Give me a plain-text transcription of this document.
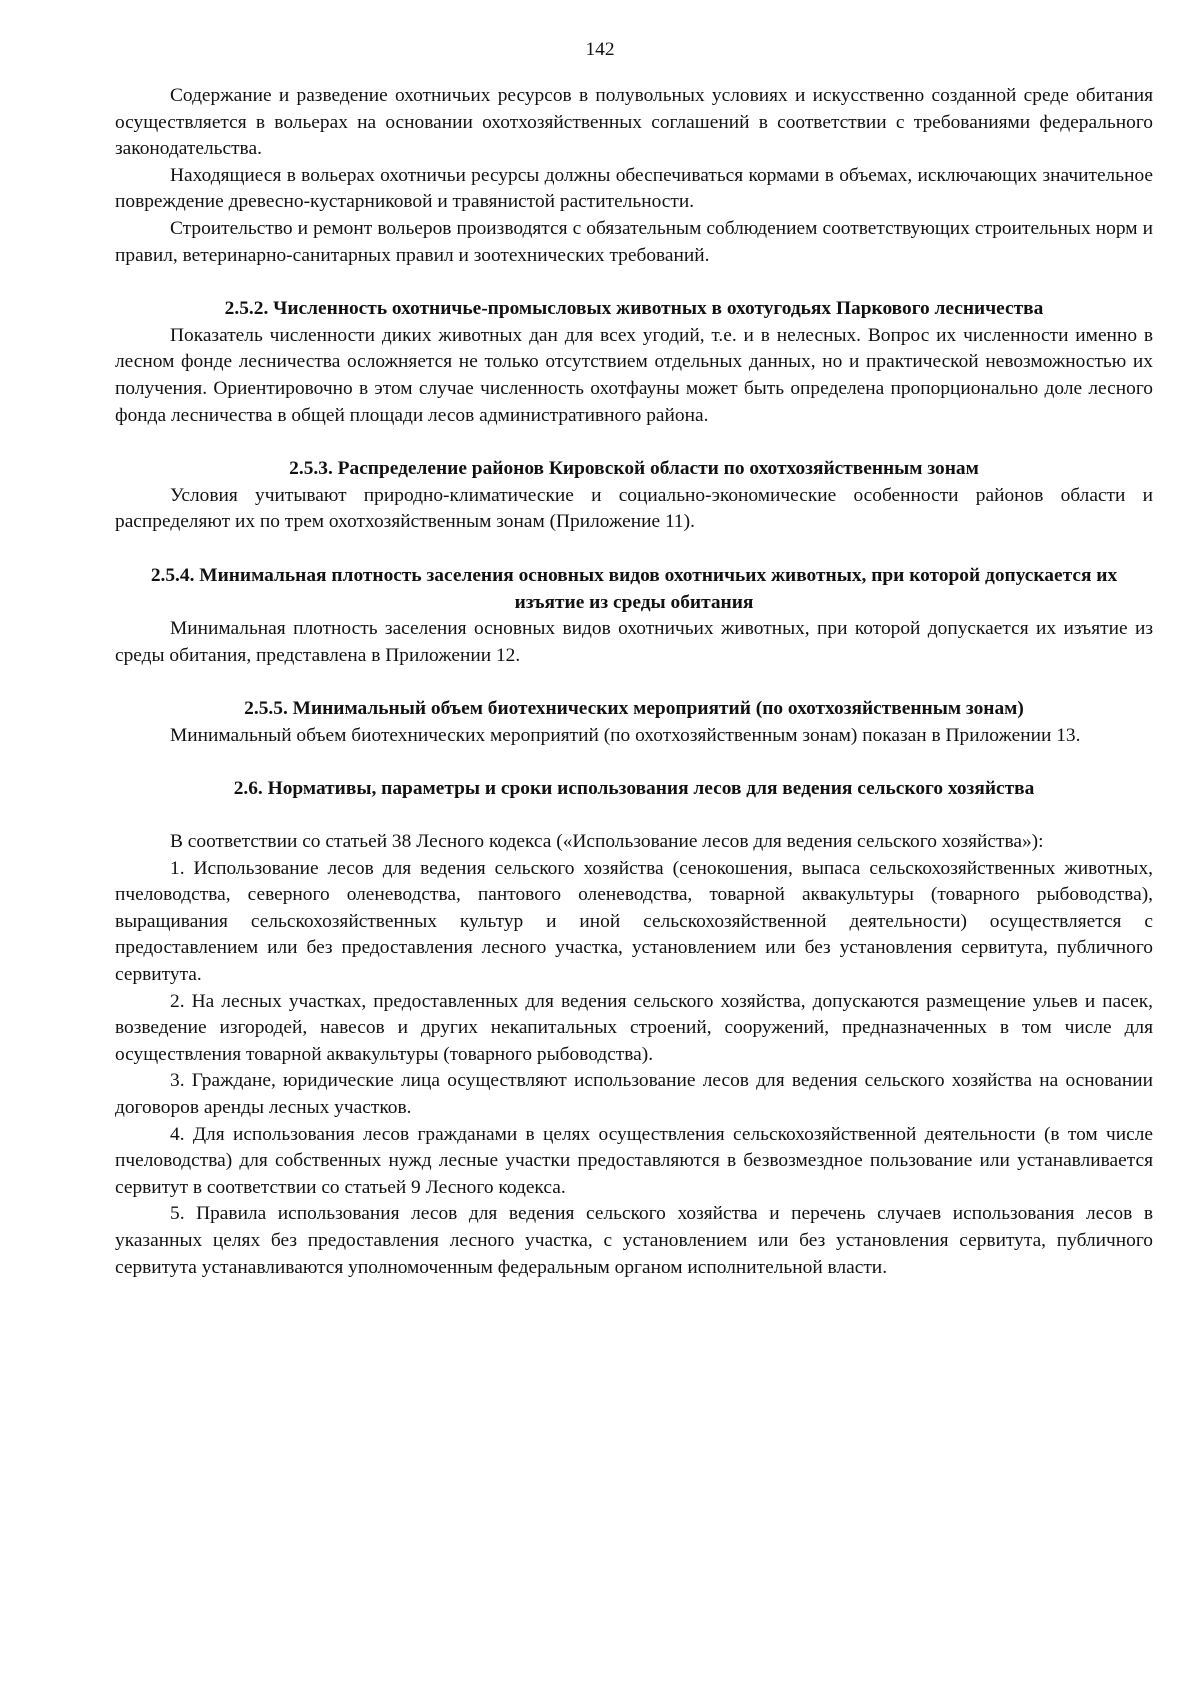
142

Содержание и разведение охотничьих ресурсов в полувольных условиях и искусственно созданной среде обитания осуществляется в вольерах на основании охотхозяйственных соглашений в соответствии с требованиями федерального законодательства.

Находящиеся в вольерах охотничьи ресурсы должны обеспечиваться кормами в объемах, исключающих значительное повреждение древесно-кустарниковой и травянистой растительности.

Строительство и ремонт вольеров производятся с обязательным соблюдением соответствующих строительных норм и правил, ветеринарно-санитарных правил и зоотехнических требований.

2.5.2. Численность охотничье-промысловых животных в охотугодьях Паркового лесничества

Показатель численности диких животных дан для всех угодий, т.е. и в нелесных. Вопрос их численности именно в лесном фонде лесничества осложняется не только отсутствием отдельных данных, но и практической невозможностью их получения. Ориентировочно в этом случае численность охотфауны может быть определена пропорционально доле лесного фонда лесничества в общей площади лесов административного района.

2.5.3. Распределение районов Кировской области по охотхозяйственным зонам

Условия учитывают природно-климатические и социально-экономические особенности районов области и распределяют их по трем охотхозяйственным зонам (Приложение 11).

2.5.4. Минимальная плотность заселения основных видов охотничьих животных, при которой допускается их изъятие из среды обитания

Минимальная плотность заселения основных видов охотничьих животных, при которой допускается их изъятие из среды обитания, представлена в Приложении 12.

2.5.5. Минимальный объем биотехнических мероприятий (по охотхозяйственным зонам)

Минимальный объем биотехнических мероприятий (по охотхозяйственным зонам) показан в Приложении 13.

2.6. Нормативы, параметры и сроки использования лесов для ведения сельского хозяйства

В соответствии со статьей 38 Лесного кодекса («Использование лесов для ведения сельского хозяйства»):

1. Использование лесов для ведения сельского хозяйства (сенокошения, выпаса сельскохозяйственных животных, пчеловодства, северного оленеводства, пантового оленеводства, товарной аквакультуры (товарного рыбоводства), выращивания сельскохозяйственных культур и иной сельскохозяйственной деятельности) осуществляется с предоставлением или без предоставления лесного участка, установлением или без установления сервитута, публичного сервитута.

2. На лесных участках, предоставленных для ведения сельского хозяйства, допускаются размещение ульев и пасек, возведение изгородей, навесов и других некапитальных строений, сооружений, предназначенных в том числе для осуществления товарной аквакультуры (товарного рыбоводства).

3. Граждане, юридические лица осуществляют использование лесов для ведения сельского хозяйства на основании договоров аренды лесных участков.

4. Для использования лесов гражданами в целях осуществления сельскохозяйственной деятельности (в том числе пчеловодства) для собственных нужд лесные участки предоставляются в безвозмездное пользование или устанавливается сервитут в соответствии со статьей 9 Лесного кодекса.

5. Правила использования лесов для ведения сельского хозяйства и перечень случаев использования лесов в указанных целях без предоставления лесного участка, с установлением или без установления сервитута, публичного сервитута устанавливаются уполномоченным федеральным органом исполнительной власти.
